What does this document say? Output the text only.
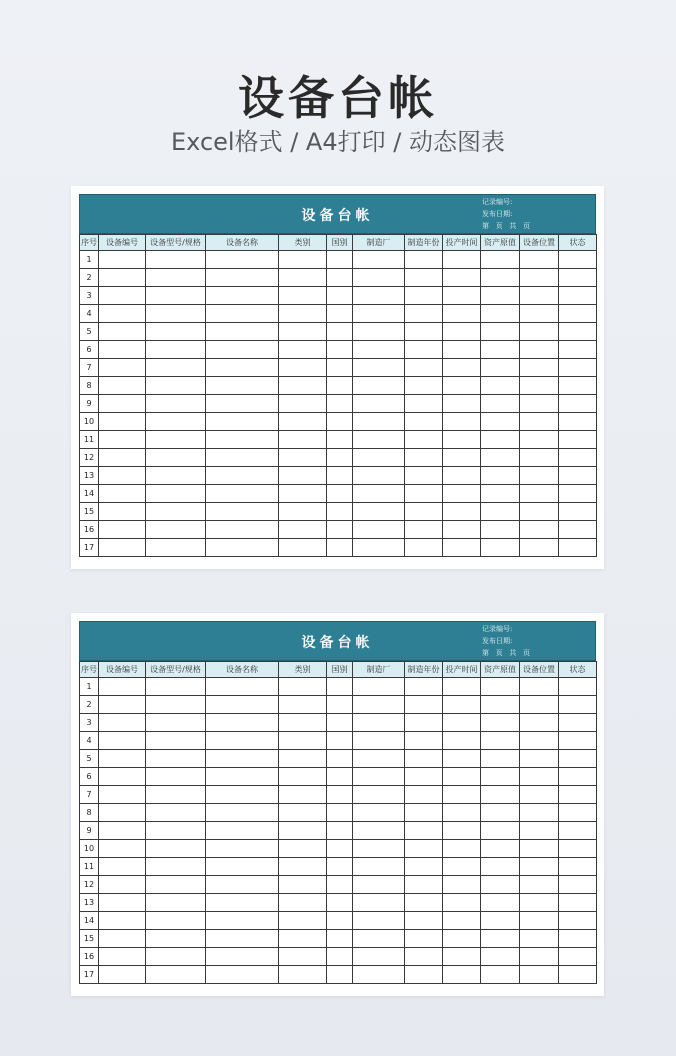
设备台帐
Excel格式 / A4打印 / 动态图表
设备台帐
记录编号:
发布日期:
第   页   共   页
序号	设备编号	设备型号/规格	设备名称	类别	国别	制造厂	制造年份	投产时间	资产原值	设备位置	状态
1											
2											
3											
4											
5											
6											
7											
8											
9											
10											
11											
12											
13											
14											
15											
16											
17											
设备台帐
记录编号:
发布日期:
第   页   共   页
序号	设备编号	设备型号/规格	设备名称	类别	国别	制造厂	制造年份	投产时间	资产原值	设备位置	状态
1											
2											
3											
4											
5											
6											
7											
8											
9											
10											
11											
12											
13											
14											
15											
16											
17											
